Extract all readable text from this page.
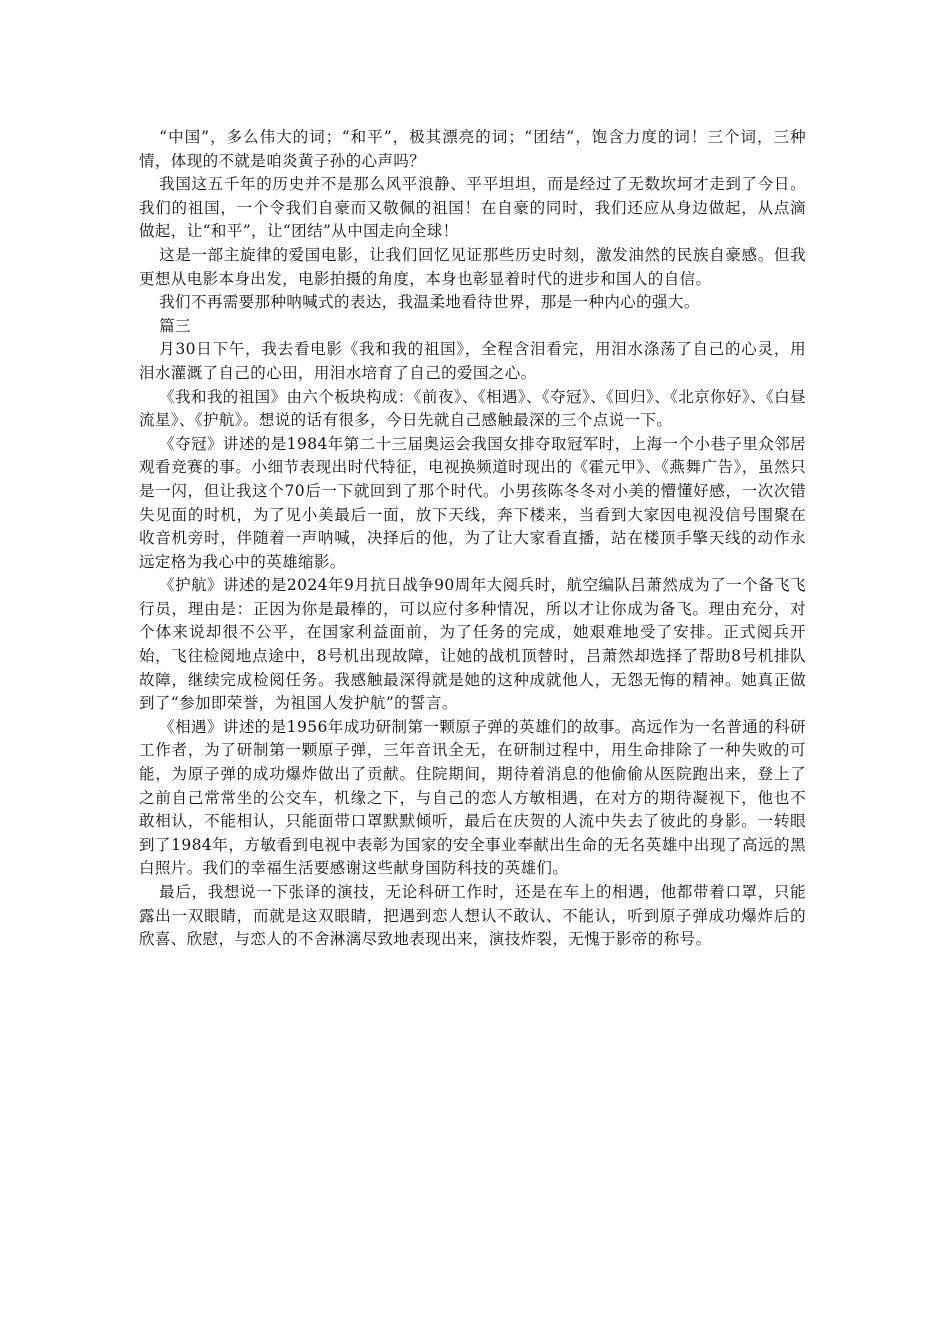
“中国”，多么伟大的词；“和平”，极其漂亮的词；“团结”，饱含力度的词！三个词，三种情，体现的不就是咱炎黄子孙的心声吗？

我国这五千年的历史并不是那么风平浪静、平平坦坦，而是经过了无数坎坷才走到了今日。我们的祖国，一个令我们自豪而又敬佩的祖国！在自豪的同时，我们还应从身边做起，从点滴做起，让“和平”，让“团结”从中国走向全球！

这是一部主旋律的爱国电影，让我们回忆见证那些历史时刻，激发油然的民族自豪感。但我更想从电影本身出发，电影拍摄的角度，本身也彰显着时代的进步和国人的自信。

我们不再需要那种呐喊式的表达，我温柔地看待世界，那是一种内心的强大。

篇三

月30日下午，我去看电影《我和我的祖国》，全程含泪看完，用泪水涤荡了自己的心灵，用泪水灌溉了自己的心田，用泪水培育了自己的爱国之心。

《我和我的祖国》由六个板块构成：《前夜》、《相遇》、《夺冠》、《回归》、《北京你好》、《白昼流星》、《护航》。想说的话有很多，今日先就自己感触最深的三个点说一下。

《夺冠》讲述的是1984年第二十三届奥运会我国女排夺取冠军时，上海一个小巷子里众邻居观看竞赛的事。小细节表现出时代特征，电视换频道时现出的《霍元甲》、《燕舞广告》，虽然只是一闪，但让我这个70后一下就回到了那个时代。小男孩陈冬冬对小美的懵懂好感，一次次错失见面的时机，为了见小美最后一面，放下天线，奔下楼来，当看到大家因电视没信号围聚在收音机旁时，伴随着一声呐喊，决择后的他，为了让大家看直播，站在楼顶手擎天线的动作永远定格为我心中的英雄缩影。

《护航》讲述的是2024年9月抗日战争90周年大阅兵时，航空编队吕萧然成为了一个备飞飞行员，理由是：正因为你是最棒的，可以应付多种情况，所以才让你成为备飞。理由充分，对个体来说却很不公平，在国家利益面前，为了任务的完成，她艰难地受了安排。正式阅兵开始，飞往检阅地点途中，8号机出现故障，让她的战机顶替时，吕萧然却选择了帮助8号机排队故障，继续完成检阅任务。我感触最深得就是她的这种成就他人，无怨无悔的精神。她真正做到了“参加即荣誉，为祖国人发护航”的誓言。

《相遇》讲述的是1956年成功研制第一颗原子弹的英雄们的故事。高远作为一名普通的科研工作者，为了研制第一颗原子弹，三年音讯全无，在研制过程中，用生命排除了一种失败的可能，为原子弹的成功爆炸做出了贡献。住院期间，期待着消息的他偷偷从医院跑出来，登上了之前自己常常坐的公交车，机缘之下，与自己的恋人方敏相遇，在对方的期待凝视下，他也不敢相认，不能相认，只能面带口罩默默倾听，最后在庆贺的人流中失去了彼此的身影。一转眼到了1984年，方敏看到电视中表彰为国家的安全事业奉献出生命的无名英雄中出现了高远的黑白照片。我们的幸福生活要感谢这些献身国防科技的英雄们。

最后，我想说一下张译的演技，无论科研工作时，还是在车上的相遇，他都带着口罩，只能露出一双眼睛，而就是这双眼睛，把遇到恋人想认不敢认、不能认，听到原子弹成功爆炸后的欣喜、欣慰，与恋人的不舍淋漓尽致地表现出来，演技炸裂，无愧于影帝的称号。
